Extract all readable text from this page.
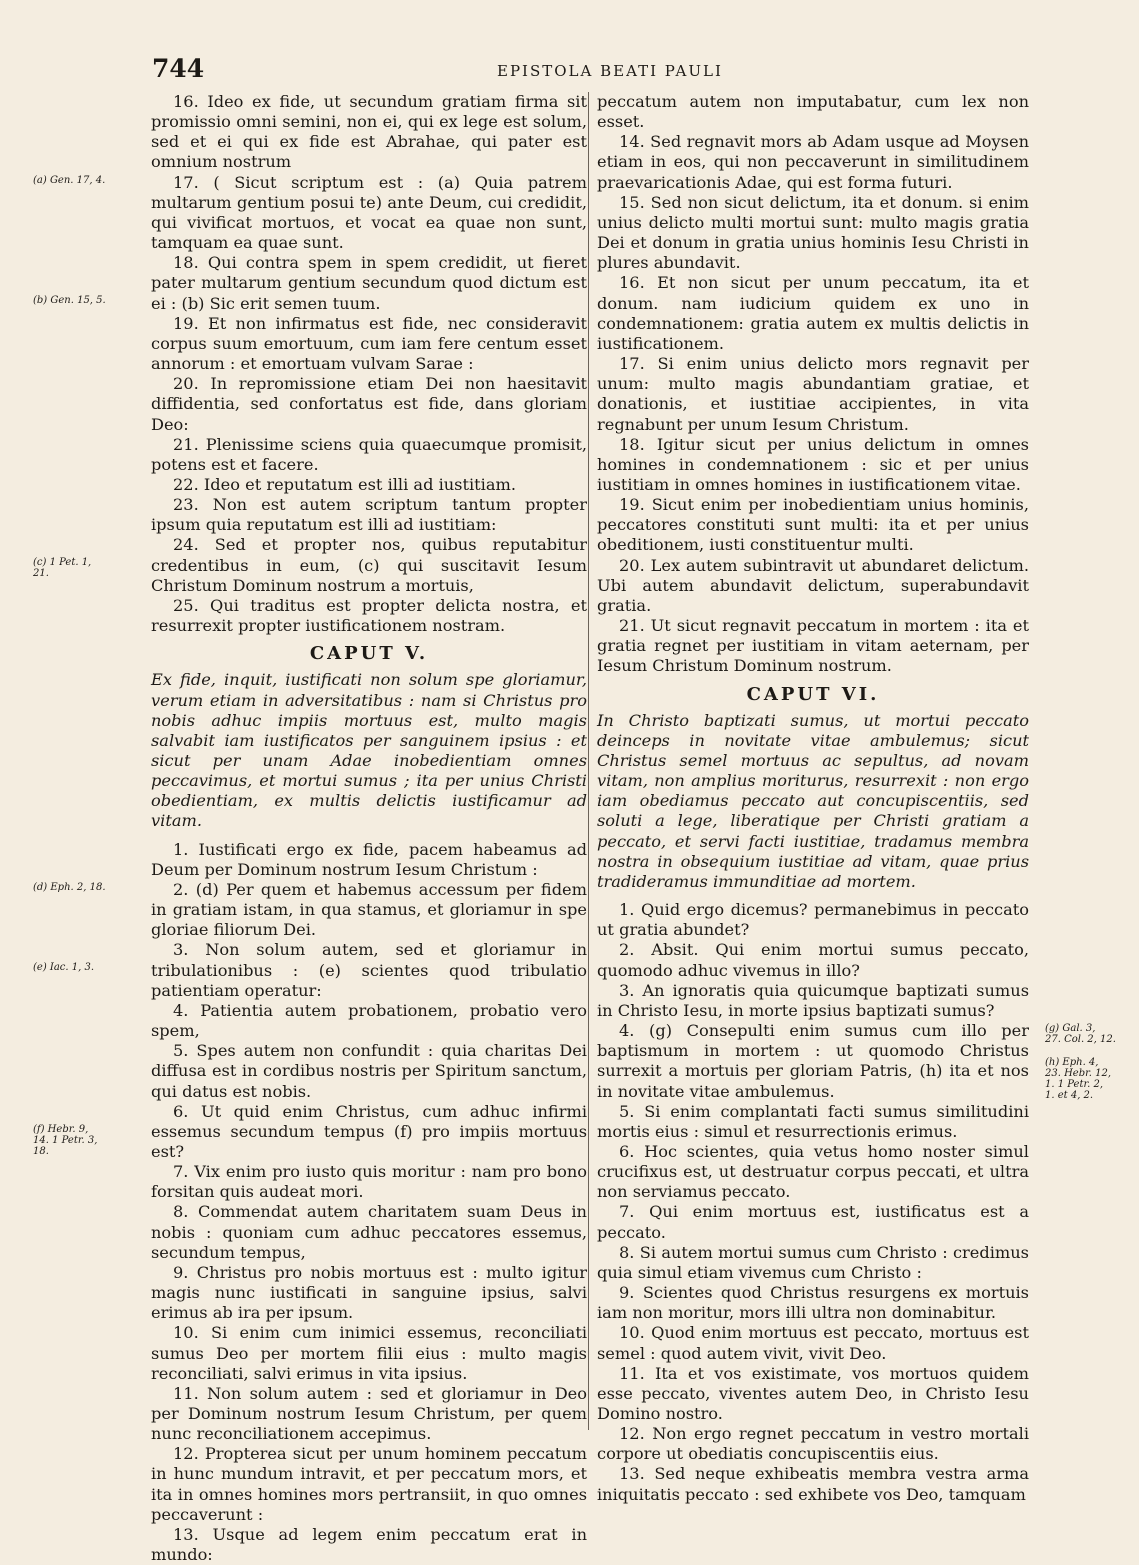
744	EPISTOLA BEATI PAULI

16. Ideo ex fide, ut secundum gratiam firma sit promissio omni semini, non ei, qui ex lege est solum, sed et ei qui ex fide est Abrahae, qui pater est omnium nostrum

(a) Gen. 17, 4.	17. ( Sicut scriptum est : (a) Quia patrem multarum gentium posui te) ante Deum, cui credidit, qui vivificat mortuos, et vocat ea quae non sunt, tamquam ea quae sunt.

(b) Gen. 15, 5.

18. Qui contra spem in spem credidit, ut fieret pater multarum gentium secundum quod dictum est ei : (b) Sic erit semen tuum.

19. Et non infirmatus est fide, nec consideravit corpus suum emortuum, cum iam fere centum esset annorum : et emortuam vulvam Sarae :

20. In repromissione etiam Dei non haesitavit diffidentia, sed confortatus est fide, dans gloriam Deo:

21. Plenissime sciens quia quaecumque promisit, potens est et facere.

22. Ideo et reputatum est illi ad iustitiam.

23. Non est autem scriptum tantum propter ipsum quia reputatum est illi ad iustitiam:

(c) 1 Pet. 1,
21.

24. Sed et propter nos, quibus reputabitur credentibus in eum, (c) qui suscitavit Iesum Christum Dominum nostrum a mortuis,

25. Qui traditus est propter delicta nostra, et resurrexit propter iustificationem nostram.

CAPUT V.

Ex fide, inquit, iustificati non solum spe gloriamur, verum etiam in adversitatibus : nam si Christus pro nobis adhuc impiis mortuus est, multo magis salvabit iam iustificatos per sanguinem ipsius : et sicut per unam Adae inobedientiam omnes peccavimus, et mortui sumus ; ita per unius Christi obedientiam, ex multis delictis iustificamur ad vitam.

1. Iustificati ergo ex fide, pacem habeamus ad Deum per Dominum nostrum Iesum Christum :

(d) Eph. 2, 18.	2. (d) Per quem et habemus accessum per fidem in gratiam istam, in qua stamus, et gloriamur in spe gloriae filiorum Dei.

(e) Iac. 1, 3.

3. Non solum autem, sed et gloriamur in tribulationibus : (e) scientes quod tribulatio patientiam operatur:

4. Patientia autem probationem, probatio vero spem,

5. Spes autem non confundit : quia charitas Dei diffusa est in cordibus nostris per Spiritum sanctum, qui datus est nobis.

(f) Hebr. 9,
14. 1 Petr. 3,
18.

6. Ut quid enim Christus, cum adhuc infirmi essemus secundum tempus (f) pro impiis mortuus est?

7. Vix enim pro iusto quis moritur : nam pro bono forsitan quis audeat mori.

8. Commendat autem charitatem suam Deus in nobis : quoniam cum adhuc peccatores essemus, secundum tempus,

9. Christus pro nobis mortuus est : multo igitur magis nunc iustificati in sanguine ipsius, salvi erimus ab ira per ipsum.

10. Si enim cum inimici essemus, reconciliati sumus Deo per mortem filii eius : multo magis reconciliati, salvi erimus in vita ipsius.

11. Non solum autem : sed et gloriamur in Deo per Dominum nostrum Iesum Christum, per quem nunc reconciliationem accepimus.

12. Propterea sicut per unum hominem peccatum in hunc mundum intravit, et per peccatum mors, et ita in omnes homines mors pertransiit, in quo omnes peccaverunt :

13. Usque ad legem enim peccatum erat in mundo:

peccatum autem non imputabatur, cum lex non esset.

14. Sed regnavit mors ab Adam usque ad Moysen etiam in eos, qui non peccaverunt in similitudinem praevaricationis Adae, qui est forma futuri.

15. Sed non sicut delictum, ita et donum. si enim unius delicto multi mortui sunt: multo magis gratia Dei et donum in gratia unius hominis Iesu Christi in plures abundavit.

16. Et non sicut per unum peccatum, ita et donum. nam iudicium quidem ex uno in condemnationem: gratia autem ex multis delictis in iustificationem.

17. Si enim unius delicto mors regnavit per unum: multo magis abundantiam gratiae, et donationis, et iustitiae accipientes, in vita regnabunt per unum Iesum Christum.

18. Igitur sicut per unius delictum in omnes homines in condemnationem : sic et per unius iustitiam in omnes homines in iustificationem vitae.

19. Sicut enim per inobedientiam unius hominis, peccatores constituti sunt multi: ita et per unius obeditionem, iusti constituentur multi.

20. Lex autem subintravit ut abundaret delictum. Ubi autem abundavit delictum, superabundavit gratia.

21. Ut sicut regnavit peccatum in mortem : ita et gratia regnet per iustitiam in vitam aeternam, per Iesum Christum Dominum nostrum.

CAPUT VI.

In Christo baptizati sumus, ut mortui peccato deinceps in novitate vitae ambulemus; sicut Christus semel mortuus ac sepultus, ad novam vitam, non amplius moriturus, resurrexit : non ergo iam obediamus peccato aut concupiscentiis, sed soluti a lege, liberatique per Christi gratiam a peccato, et servi facti iustitiae, tradamus membra nostra in obsequium iustitiae ad vitam, quae prius tradideramus immunditiae ad mortem.

1. Quid ergo dicemus? permanebimus in peccato ut gratia abundet?

2. Absit. Qui enim mortui sumus peccato, quomodo adhuc vivemus in illo?

3. An ignoratis quia quicumque baptizati sumus in Christo Iesu, in morte ipsius baptizati sumus?

(g) Gal. 3,
27. Col. 2, 12.
(h) Eph. 4,
23. Hebr. 12,
1. 1 Petr. 2,
1. et 4, 2.

4. (g) Consepulti enim sumus cum illo per baptismum in mortem : ut quomodo Christus surrexit a mortuis per gloriam Patris, (h) ita et nos in novitate vitae ambulemus.

5. Si enim complantati facti sumus similitudini mortis eius : simul et resurrectionis erimus.

6. Hoc scientes, quia vetus homo noster simul crucifixus est, ut destruatur corpus peccati, et ultra non serviamus peccato.

7. Qui enim mortuus est, iustificatus est a peccato.

8. Si autem mortui sumus cum Christo : credimus quia simul etiam vivemus cum Christo :

9. Scientes quod Christus resurgens ex mortuis iam non moritur, mors illi ultra non dominabitur.

10. Quod enim mortuus est peccato, mortuus est semel : quod autem vivit, vivit Deo.

11. Ita et vos existimate, vos mortuos quidem esse peccato, viventes autem Deo, in Christo Iesu Domino nostro.

12. Non ergo regnet peccatum in vestro mortali corpore ut obediatis concupiscentiis eius.

13. Sed neque exhibeatis membra vestra arma iniquitatis peccato : sed exhibete vos Deo, tamquam
